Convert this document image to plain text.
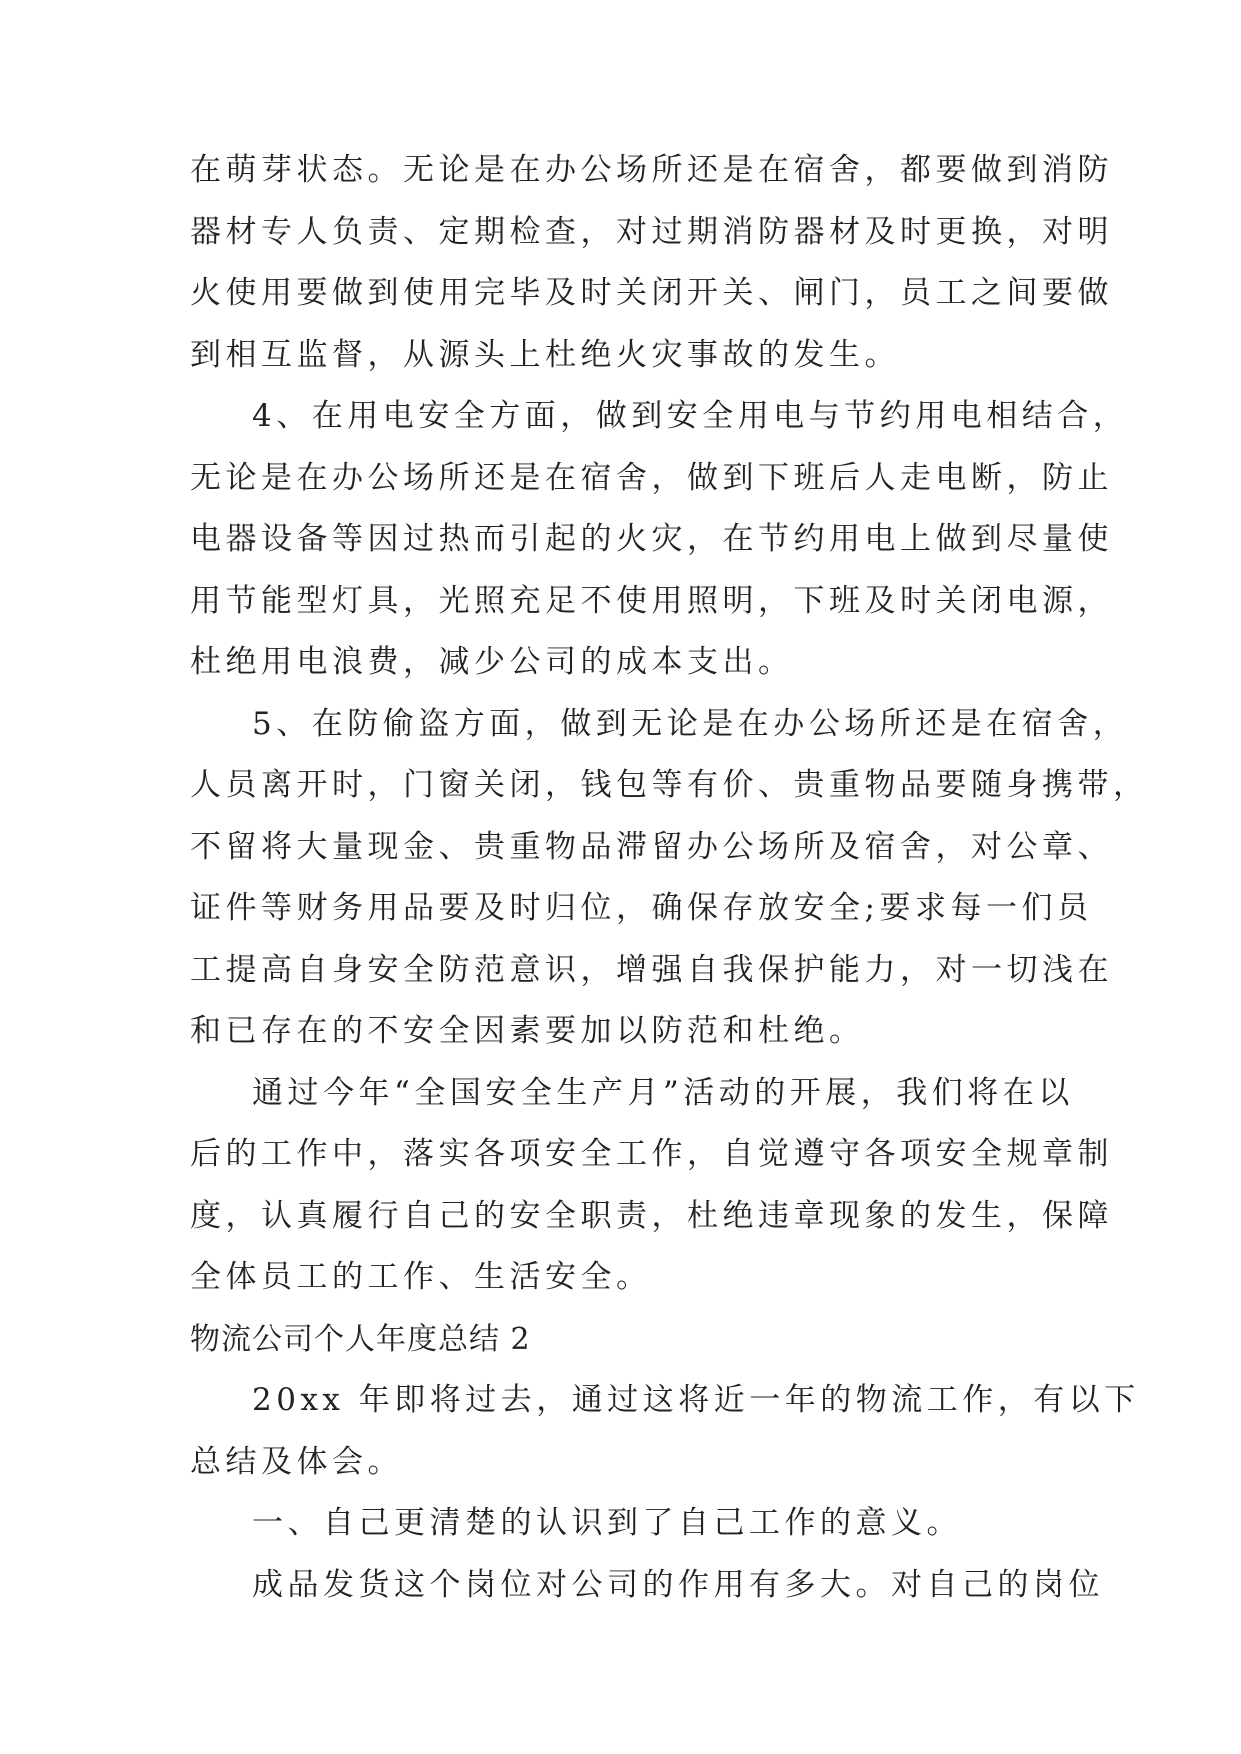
在萌芽状态。无论是在办公场所还是在宿舍，都要做到消防
器材专人负责、定期检查，对过期消防器材及时更换，对明
火使用要做到使用完毕及时关闭开关、闸门，员工之间要做
到相互监督，从源头上杜绝火灾事故的发生。
4、在用电安全方面，做到安全用电与节约用电相结合，
无论是在办公场所还是在宿舍，做到下班后人走电断，防止
电器设备等因过热而引起的火灾，在节约用电上做到尽量使
用节能型灯具，光照充足不使用照明，下班及时关闭电源，
杜绝用电浪费，减少公司的成本支出。
5、在防偷盗方面，做到无论是在办公场所还是在宿舍，
人员离开时，门窗关闭，钱包等有价、贵重物品要随身携带，
不留将大量现金、贵重物品滞留办公场所及宿舍，对公章、
证件等财务用品要及时归位，确保存放安全;要求每一们员
工提高自身安全防范意识，增强自我保护能力，对一切浅在
和已存在的不安全因素要加以防范和杜绝。
通过今年“全国安全生产月”活动的开展，我们将在以
后的工作中，落实各项安全工作，自觉遵守各项安全规章制
度，认真履行自己的安全职责，杜绝违章现象的发生，保障
全体员工的工作、生活安全。
物流公司个人年度总结 2
20xx 年即将过去，通过这将近一年的物流工作，有以下
总结及体会。
一、自己更清楚的认识到了自己工作的意义。
成品发货这个岗位对公司的作用有多大。对自己的岗位
